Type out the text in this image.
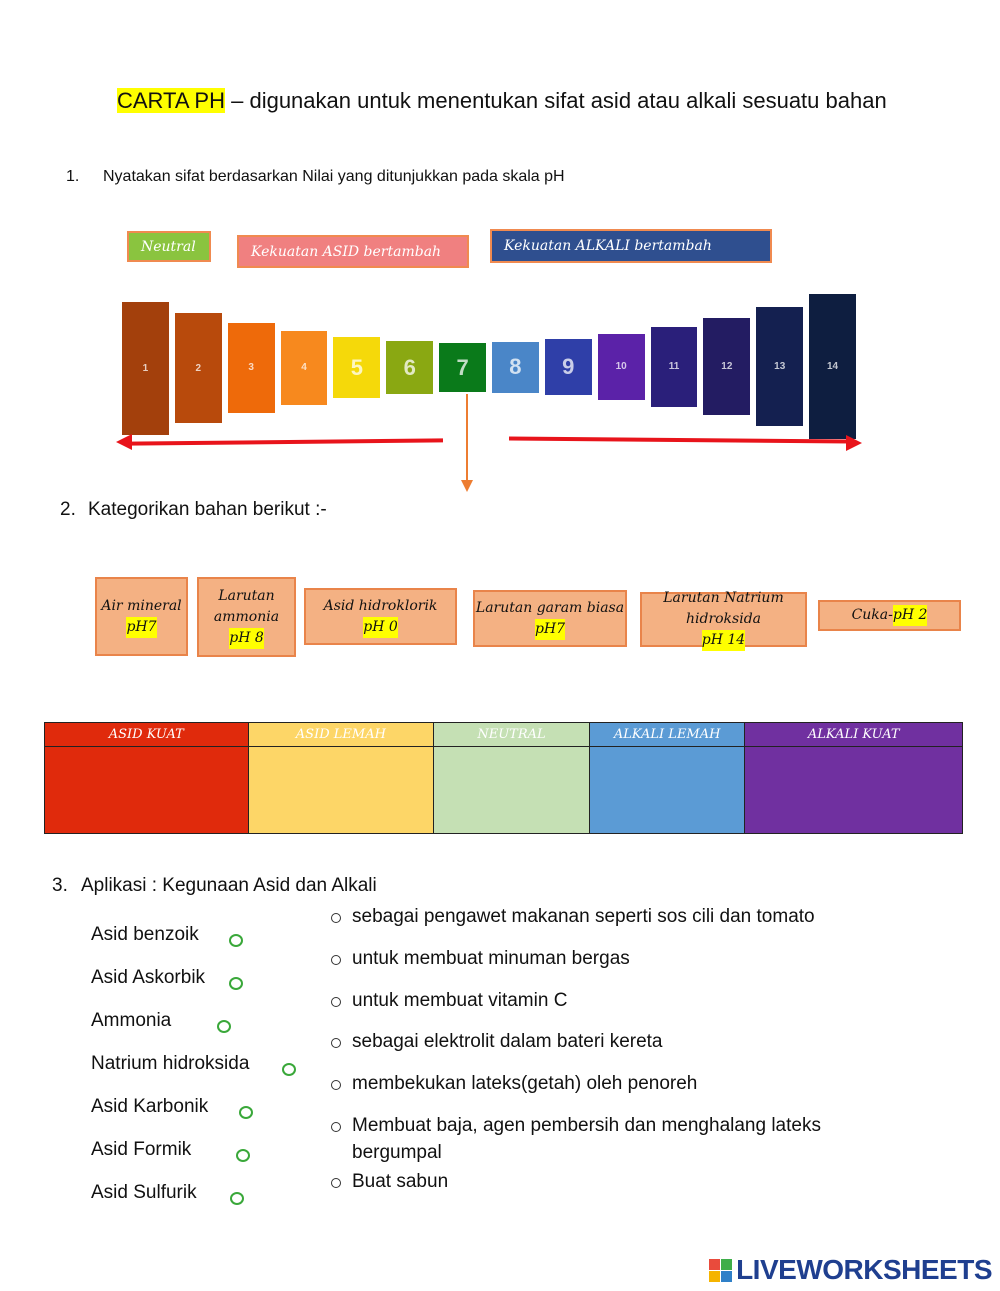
CARTA PH – digunakan untuk menentukan sifat asid atau alkali sesuatu bahan
1. Nyatakan sifat berdasarkan Nilai yang ditunjukkan pada skala pH
Neutral	Kekuatan ASID bertambah	Kekuatan ALKALI bertambah
1	2	3	4 5 6 7 8 9	10	11	12	13	14
2. Kategorikan bahan berikut :-
Air mineral
pH7
Larutan ammonia
pH 8
Asid hidroklorik
pH 0
Larutan garam biasa
pH7
Larutan Natrium hidroksida
pH 14
Cuka- pH 2
ASID KUAT	ASID LEMAH	NEUTRAL	ALKALI LEMAH	ALKALI KUAT
3. Aplikasi : Kegunaan Asid dan Alkali
Asid benzoik
Asid Askorbik
Ammonia
Natrium hidroksida
Asid Karbonik
Asid Formik
Asid Sulfurik
sebagai pengawet makanan seperti sos cili dan tomato
untuk membuat minuman bergas
untuk membuat vitamin C
sebagai elektrolit dalam bateri kereta
membekukan lateks(getah) oleh penoreh
Membuat baja, agen pembersih dan menghalang lateks bergumpal
Buat sabun
LIVEWORKSHEETS
